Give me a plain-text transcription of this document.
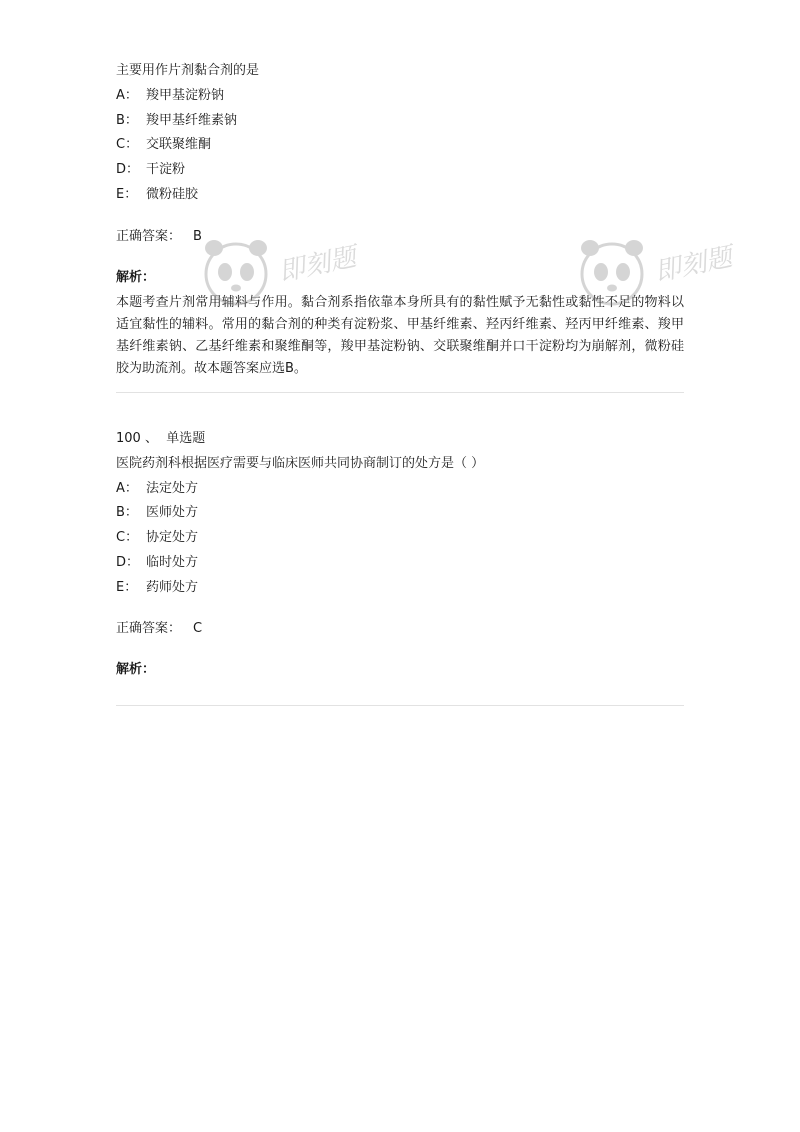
主要用作片剂黏合剂的是
A： 羧甲基淀粉钠
B： 羧甲基纤维素钠
C： 交联聚维酮
D： 干淀粉
E： 微粉硅胶
正确答案： B
解析：
本题考查片剂常用辅料与作用。黏合剂系指依靠本身所具有的黏性赋予无黏性或黏性不足的物料以适宜黏性的辅料。常用的黏合剂的种类有淀粉浆、甲基纤维素、羟丙纤维素、羟丙甲纤维素、羧甲基纤维素钠、乙基纤维素和聚维酮等，羧甲基淀粉钠、交联聚维酮并口干淀粉均为崩解剂，微粉硅胶为助流剂。故本题答案应选B。
100 、 单选题
医院药剂科根据医疗需要与临床医师共同协商制订的处方是（ ）
A： 法定处方
B： 医师处方
C： 协定处方
D： 临时处方
E： 药师处方
正确答案： C
解析：
即刻题	即刻题
